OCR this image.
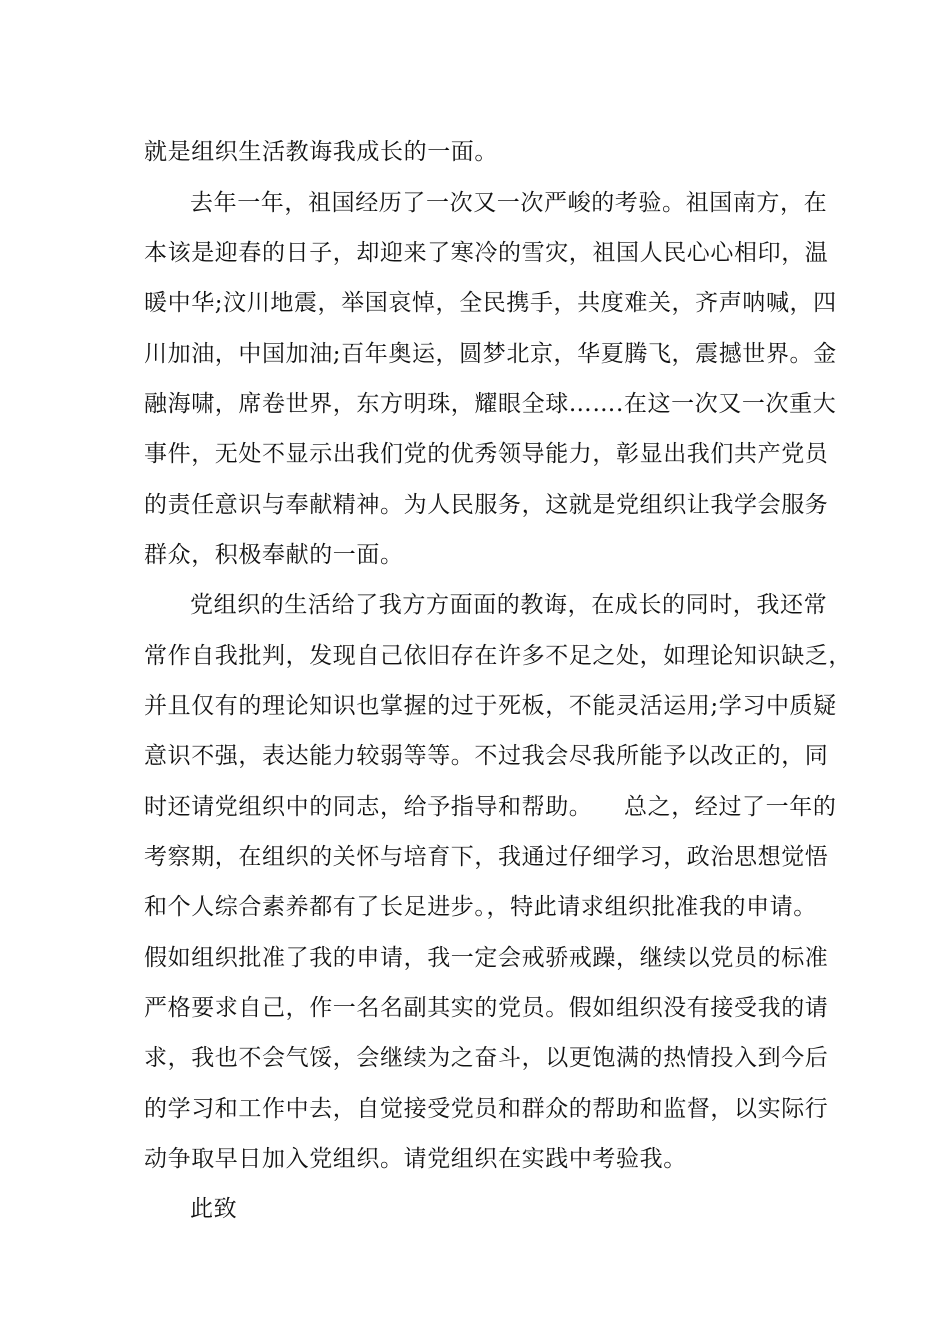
就是组织生活教诲我成长的一面。

去年一年，祖国经历了一次又一次严峻的考验。祖国南方，在

本该是迎春的日子，却迎来了寒冷的雪灾，祖国人民心心相印，温

暖中华;汶川地震，举国哀悼，全民携手，共度难关，齐声呐喊，四

川加油，中国加油;百年奥运，圆梦北京，华夏腾飞，震撼世界。金

融海啸，席卷世界，东方明珠，耀眼全球…….在这一次又一次重大

事件，无处不显示出我们党的优秀领导能力，彰显出我们共产党员

的责任意识与奉献精神。为人民服务，这就是党组织让我学会服务

群众，积极奉献的一面。

党组织的生活给了我方方面面的教诲，在成长的同时，我还常

常作自我批判，发现自己依旧存在许多不足之处，如理论知识缺乏，

并且仅有的理论知识也掌握的过于死板，不能灵活运用;学习中质疑

意识不强，表达能力较弱等等。不过我会尽我所能予以改正的，同

时还请党组织中的同志，给予指导和帮助。    总之，经过了一年的

考察期，在组织的关怀与培育下，我通过仔细学习，政治思想觉悟

和个人综合素养都有了长足进步。，特此请求组织批准我的申请。

假如组织批准了我的申请，我一定会戒骄戒躁，继续以党员的标准

严格要求自己，作一名名副其实的党员。假如组织没有接受我的请

求，我也不会气馁，会继续为之奋斗，以更饱满的热情投入到今后

的学习和工作中去，自觉接受党员和群众的帮助和监督，以实际行

动争取早日加入党组织。请党组织在实践中考验我。

此致
